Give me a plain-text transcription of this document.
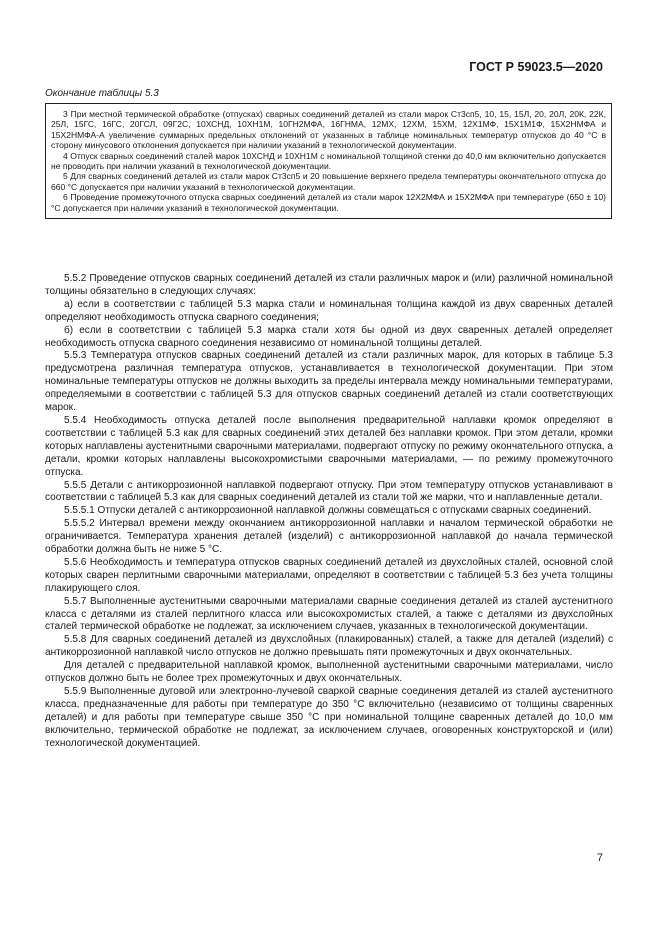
ГОСТ Р 59023.5—2020
Окончание таблицы 5.3

3 При местной термической обработке (отпусках) сварных соединений деталей из стали марок Ст3сп5, 10, 15, 15Л, 20, 20Л, 20К, 22К, 25Л, 15ГС, 16ГС, 20ГСЛ, 09Г2С, 10ХСНД, 10ХН1М, 10ГН2МФА, 16ГНМА, 12МХ, 12ХМ, 15ХМ, 12Х1МФ, 15Х1М1Ф, 15Х2НМФА и 15Х2НМФА-А увеличение суммарных предельных отклонений от указанных в таблице номинальных температур отпусков до 40 °С в сторону минусового отклонения допускается при наличии указаний в технологической документации.

4 Отпуск сварных соединений сталей марок 10ХСНД и 10ХН1М с номинальной толщиной стенки до 40,0 мм включительно допускается не проводить при наличии указаний в технологической документации.

5 Для сварных соединений деталей из стали марок Ст3сп5 и 20 повышение верхнего предела температуры окончательного отпуска до 660 °С допускается при наличии указаний в технологической документации.

6 Проведение промежуточного отпуска сварных соединений деталей из стали марок 12Х2МФА и 15Х2МФА при температуре (650 ± 10) °С допускается при наличии указаний в технологической документации.

5.5.2 Проведение отпусков сварных соединений деталей из стали различных марок и (или) различной номинальной толщины обязательно в следующих случаях:

а) если в соответствии с таблицей 5.3 марка стали и номинальная толщина каждой из двух сваренных деталей определяют необходимость отпуска сварного соединения;

б) если в соответствии с таблицей 5.3 марка стали хотя бы одной из двух сваренных деталей определяет необходимость отпуска сварного соединения независимо от номинальной толщины деталей.

5.5.3 Температура отпусков сварных соединений деталей из стали различных марок, для которых в таблице 5.3 предусмотрена различная температура отпусков, устанавливается в технологической документации. При этом номинальные температуры отпусков не должны выходить за пределы интервала между номинальными температурами, определяемыми в соответствии с таблицей 5.3 для отпусков сварных соединений деталей из стали соответствующих марок.

5.5.4 Необходимость отпуска деталей после выполнения предварительной наплавки кромок определяют в соответствии с таблицей 5.3 как для сварных соединений этих деталей без наплавки кромок. При этом детали, кромки которых наплавлены аустенитными сварочными материалами, подвергают отпуску по режиму окончательного отпуска, а детали, кромки которых наплавлены высокохромистыми сварочными материалами, — по режиму промежуточного отпуска.

5.5.5 Детали с антикоррозионной наплавкой подвергают отпуску. При этом температуру отпусков устанавливают в соответствии с таблицей 5.3 как для сварных соединений деталей из стали той же марки, что и наплавленные детали.

5.5.5.1 Отпуски деталей с антикоррозионной наплавкой должны совмещаться с отпусками сварных соединений.

5.5.5.2 Интервал времени между окончанием антикоррозионной наплавки и началом термической обработки не ограничивается. Температура хранения деталей (изделий) с антикоррозионной наплавкой до начала термической обработки должна быть не ниже 5 °С.

5.5.6 Необходимость и температура отпусков сварных соединений деталей из двухслойных сталей, основной слой которых сварен перлитными сварочными материалами, определяют в соответствии с таблицей 5.3 без учета толщины плакирующего слоя.

5.5.7 Выполненные аустенитными сварочными материалами сварные соединения деталей из сталей аустенитного класса с деталями из сталей перлитного класса или высокохромистых сталей, а также с деталями из двухслойных сталей термической обработке не подлежат, за исключением случаев, указанных в технологической документации.

5.5.8 Для сварных соединений деталей из двухслойных (плакированных) сталей, а также для деталей (изделий) с антикоррозионной наплавкой число отпусков не должно превышать пяти промежуточных и двух окончательных.

Для деталей с предварительной наплавкой кромок, выполненной аустенитными сварочными материалами, число отпусков должно быть не более трех промежуточных и двух окончательных.

5.5.9 Выполненные дуговой или электронно-лучевой сваркой сварные соединения деталей из сталей аустенитного класса, предназначенные для работы при температуре до 350 °С включительно (независимо от толщины сваренных деталей) и для работы при температуре свыше 350 °С при номинальной толщине сваренных деталей до 10,0 мм включительно, термической обработке не подлежат, за исключением случаев, оговоренных конструкторской и (или) технологической документацией.

7
